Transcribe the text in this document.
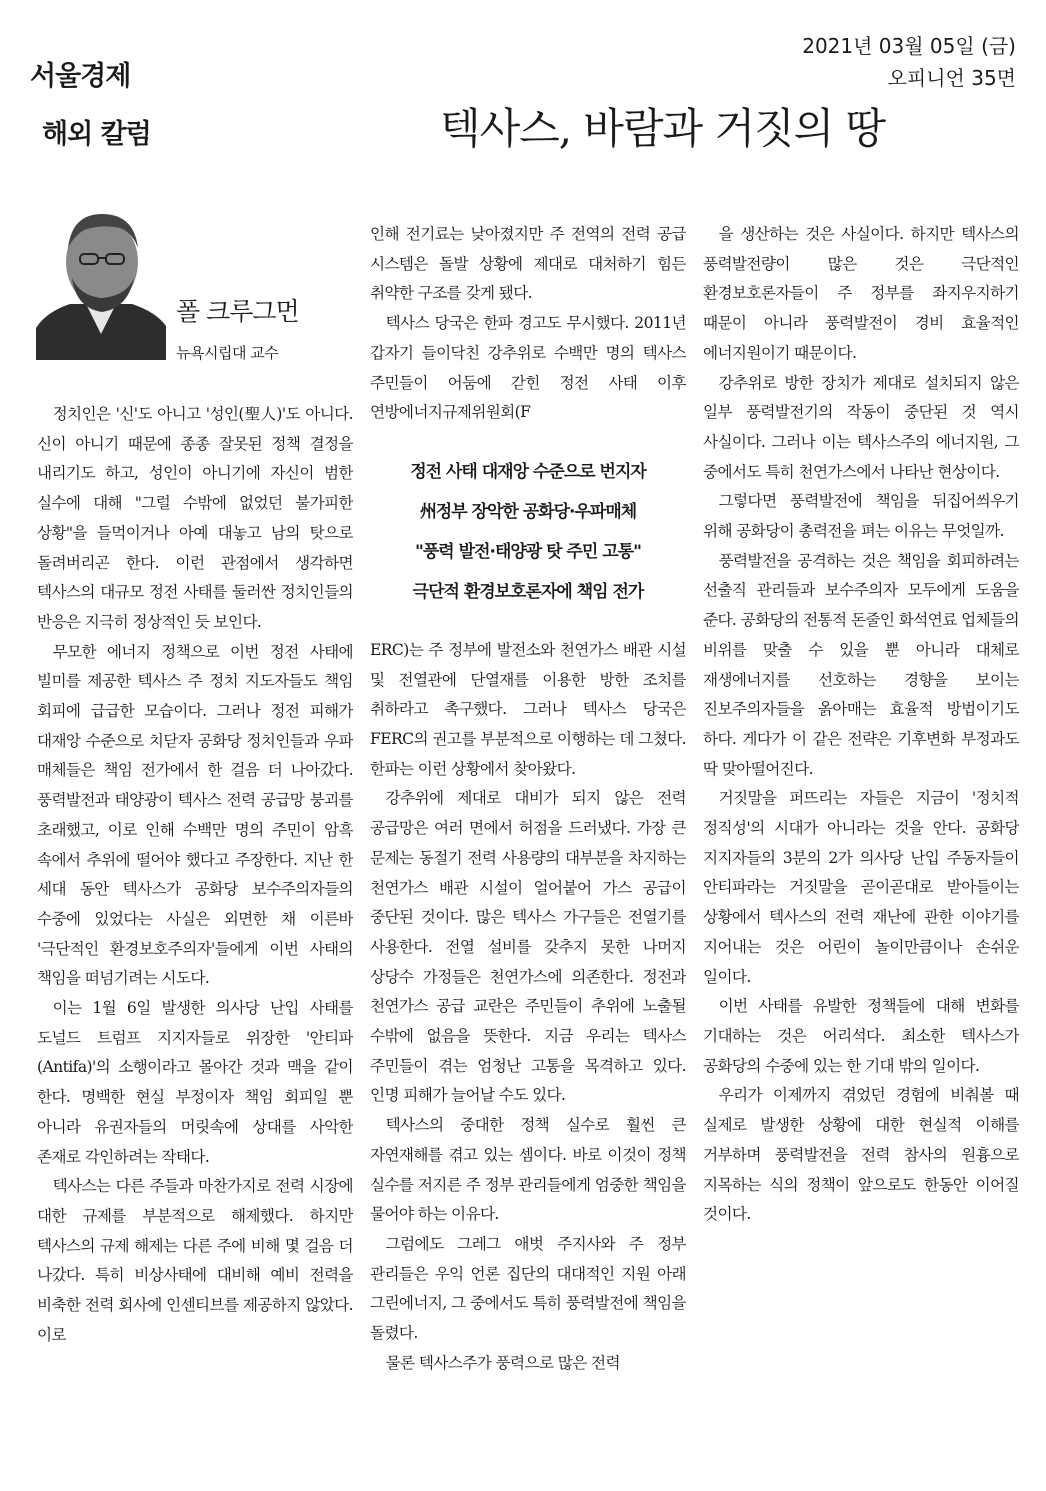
서울경제
해외 칼럼
2021년 03월 05일 (금)
오피니언 35면
텍사스, 바람과 거짓의 땅
폴 크루그먼
뉴욕시립대 교수

정치인은 '신'도 아니고 '성인(聖人)'도 아니다. 신이 아니기 때문에 종종 잘못된 정책 결정을 내리기도 하고, 성인이 아니기에 자신이 범한 실수에 대해 "그럴 수밖에 없었던 불가피한 상황"을 들먹이거나 아예 대놓고 남의 탓으로 돌려버리곤 한다. 이런 관점에서 생각하면 텍사스의 대규모 정전 사태를 둘러싼 정치인들의 반응은 지극히 정상적인 듯 보인다.

무모한 에너지 정책으로 이번 정전 사태에 빌미를 제공한 텍사스 주 정치 지도자들도 책임 회피에 급급한 모습이다. 그러나 정전 피해가 대재앙 수준으로 치닫자 공화당 정치인들과 우파 매체들은 책임 전가에서 한 걸음 더 나아갔다. 풍력발전과 태양광이 텍사스 전력 공급망 붕괴를 초래했고, 이로 인해 수백만 명의 주민이 암흑 속에서 추위에 떨어야 했다고 주장한다. 지난 한 세대 동안 텍사스가 공화당 보수주의자들의 수중에 있었다는 사실은 외면한 채 이른바 '극단적인 환경보호주의자'들에게 이번 사태의 책임을 떠넘기려는 시도다.

이는 1월 6일 발생한 의사당 난입 사태를 도널드 트럼프 지지자들로 위장한 '안티파(Antifa)'의 소행이라고 몰아간 것과 맥을 같이 한다. 명백한 현실 부정이자 책임 회피일 뿐 아니라 유권자들의 머릿속에 상대를 사악한 존재로 각인하려는 작태다.

텍사스는 다른 주들과 마찬가지로 전력 시장에 대한 규제를 부분적으로 해제했다. 하지만 텍사스의 규제 해제는 다른 주에 비해 몇 걸음 더 나갔다. 특히 비상사태에 대비해 예비 전력을 비축한 전력 회사에 인센티브를 제공하지 않았다. 이로

인해 전기료는 낮아졌지만 주 전역의 전력 공급 시스템은 돌발 상황에 제대로 대처하기 힘든 취약한 구조를 갖게 됐다.

텍사스 당국은 한파 경고도 무시했다. 2011년 갑자기 들이닥친 강추위로 수백만 명의 텍사스 주민들이 어둠에 갇힌 정전 사태 이후 연방에너지규제위원회(F

정전 사태 대재앙 수준으로 번지자
州정부 장악한 공화당·우파매체
"풍력 발전·태양광 탓 주민 고통"
극단적 환경보호론자에 책임 전가

ERC)는 주 정부에 발전소와 천연가스 배관 시설 및 전열관에 단열재를 이용한 방한 조치를 취하라고 촉구했다. 그러나 텍사스 당국은 FERC의 권고를 부분적으로 이행하는 데 그쳤다. 한파는 이런 상황에서 찾아왔다.

강추위에 제대로 대비가 되지 않은 전력 공급망은 여러 면에서 허점을 드러냈다. 가장 큰 문제는 동절기 전력 사용량의 대부분을 차지하는 천연가스 배관 시설이 얼어붙어 가스 공급이 중단된 것이다. 많은 텍사스 가구들은 전열기를 사용한다. 전열 설비를 갖추지 못한 나머지 상당수 가정들은 천연가스에 의존한다. 정전과 천연가스 공급 교란은 주민들이 추위에 노출될 수밖에 없음을 뜻한다. 지금 우리는 텍사스 주민들이 겪는 엄청난 고통을 목격하고 있다. 인명 피해가 늘어날 수도 있다.

텍사스의 중대한 정책 실수로 훨씬 큰 자연재해를 겪고 있는 셈이다. 바로 이것이 정책 실수를 저지른 주 정부 관리들에게 엄중한 책임을 물어야 하는 이유다.

그럼에도 그레그 애벗 주지사와 주 정부 관리들은 우익 언론 집단의 대대적인 지원 아래 그린에너지, 그 중에서도 특히 풍력발전에 책임을 돌렸다.

물론 텍사스주가 풍력으로 많은 전력

을 생산하는 것은 사실이다. 하지만 텍사스의 풍력발전량이 많은 것은 극단적인 환경보호론자들이 주 정부를 좌지우지하기 때문이 아니라 풍력발전이 경비 효율적인 에너지원이기 때문이다.

강추위로 방한 장치가 제대로 설치되지 않은 일부 풍력발전기의 작동이 중단된 것 역시 사실이다. 그러나 이는 텍사스주의 에너지원, 그 중에서도 특히 천연가스에서 나타난 현상이다.

그렇다면 풍력발전에 책임을 뒤집어씌우기 위해 공화당이 총력전을 펴는 이유는 무엇일까.

풍력발전을 공격하는 것은 책임을 회피하려는 선출직 관리들과 보수주의자 모두에게 도움을 준다. 공화당의 전통적 돈줄인 화석연료 업체들의 비위를 맞출 수 있을 뿐 아니라 대체로 재생에너지를 선호하는 경향을 보이는 진보주의자들을 옭아매는 효율적 방법이기도 하다. 게다가 이 같은 전략은 기후변화 부정과도 딱 맞아떨어진다.

거짓말을 퍼뜨리는 자들은 지금이 '정치적 정직성'의 시대가 아니라는 것을 안다. 공화당 지지자들의 3분의 2가 의사당 난입 주동자들이 안티파라는 거짓말을 곧이곧대로 받아들이는 상황에서 텍사스의 전력 재난에 관한 이야기를 지어내는 것은 어린이 놀이만큼이나 손쉬운 일이다.

이번 사태를 유발한 정책들에 대해 변화를 기대하는 것은 어리석다. 최소한 텍사스가 공화당의 수중에 있는 한 기대 밖의 일이다.

우리가 이제까지 겪었던 경험에 비춰볼 때 실제로 발생한 상황에 대한 현실적 이해를 거부하며 풍력발전을 전력 참사의 원흉으로 지목하는 식의 정책이 앞으로도 한동안 이어질 것이다.
